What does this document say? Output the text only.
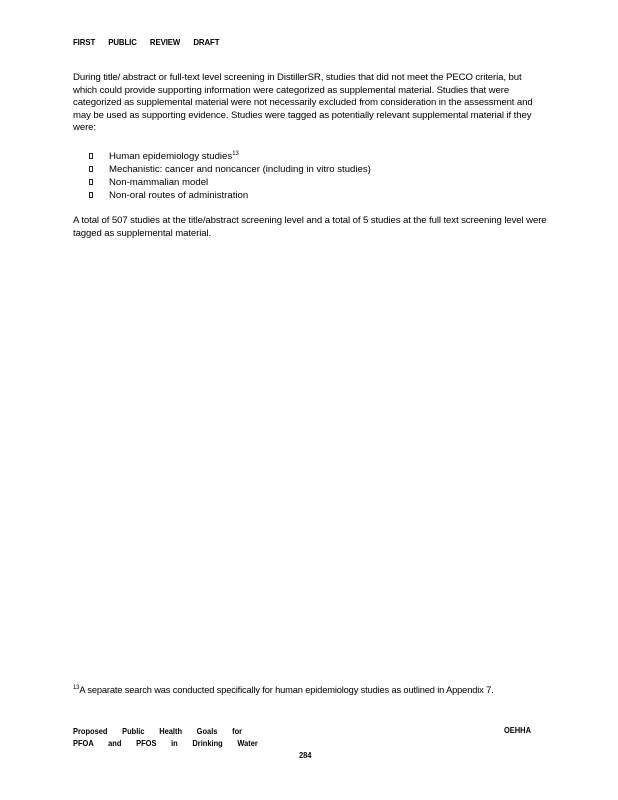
FIRST PUBLIC REVIEW DRAFT

During title/ abstract or full-text level screening in DistillerSR, studies that did not meet the PECO criteria, but which could provide supporting information were categorized as supplemental material. Studies that were categorized as supplemental material were not necessarily excluded from consideration in the assessment and may be used as supporting evidence. Studies were tagged as potentially relevant supplemental material if they were:

Human epidemiology studies$^{13}$
Mechanistic: cancer and noncancer (including in vitro studies)
Non-mammalian model
Non-oral routes of administration

A total of 507 studies at the title/abstract screening level and a total of 5 studies at the full text screening level were tagged as supplemental material.

$^{13}$A separate search was conducted specifically for human epidemiology studies as outlined in Appendix 7.
Proposed Public Health Goals for
PFOA and PFOS in Drinking Water
OEHHA
284
